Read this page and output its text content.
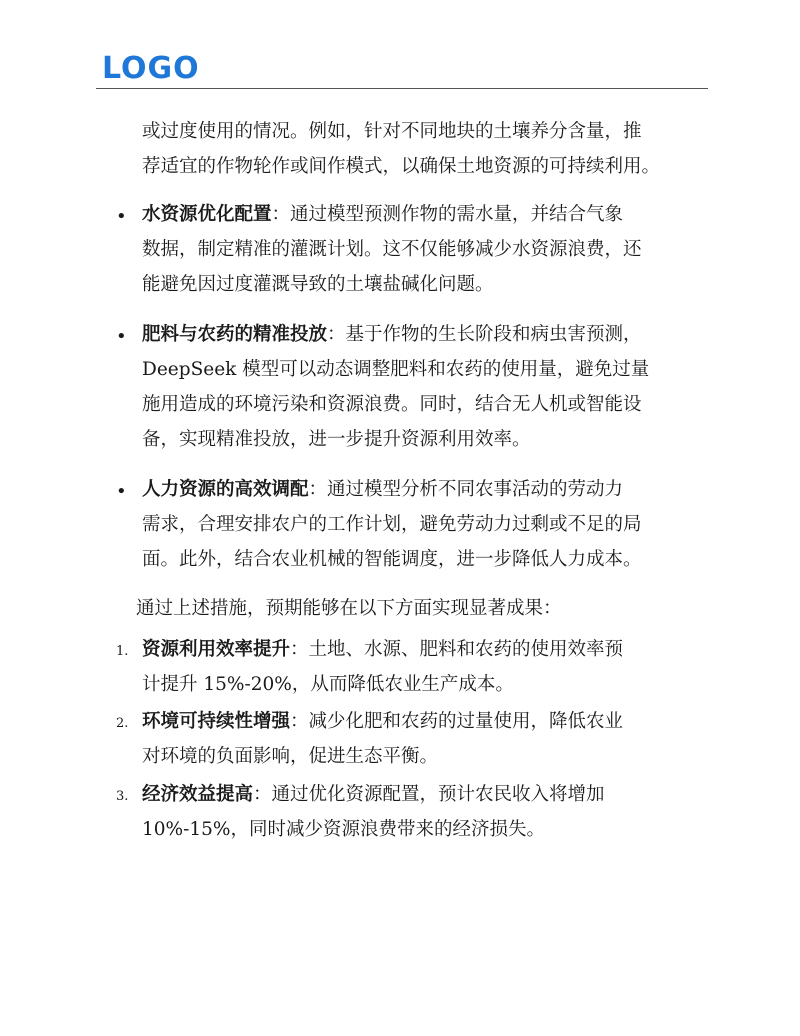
LOGO
或过度使用的情况。例如，针对不同地块的土壤养分含量，推
荐适宜的作物轮作或间作模式，以确保土地资源的可持续利用。
• 水资源优化配置：通过模型预测作物的需水量，并结合气象
数据，制定精准的灌溉计划。这不仅能够减少水资源浪费，还
能避免因过度灌溉导致的土壤盐碱化问题。
• 肥料与农药的精准投放：基于作物的生长阶段和病虫害预测，
DeepSeek 模型可以动态调整肥料和农药的使用量，避免过量
施用造成的环境污染和资源浪费。同时，结合无人机或智能设
备，实现精准投放，进一步提升资源利用效率。
• 人力资源的高效调配：通过模型分析不同农事活动的劳动力
需求，合理安排农户的工作计划，避免劳动力过剩或不足的局
面。此外，结合农业机械的智能调度，进一步降低人力成本。
通过上述措施，预期能够在以下方面实现显著成果：
1. 资源利用效率提升：土地、水源、肥料和农药的使用效率预
计提升 15%-20%，从而降低农业生产成本。
2. 环境可持续性增强：减少化肥和农药的过量使用，降低农业
对环境的负面影响，促进生态平衡。
3. 经济效益提高：通过优化资源配置，预计农民收入将增加
10%-15%，同时减少资源浪费带来的经济损失。
